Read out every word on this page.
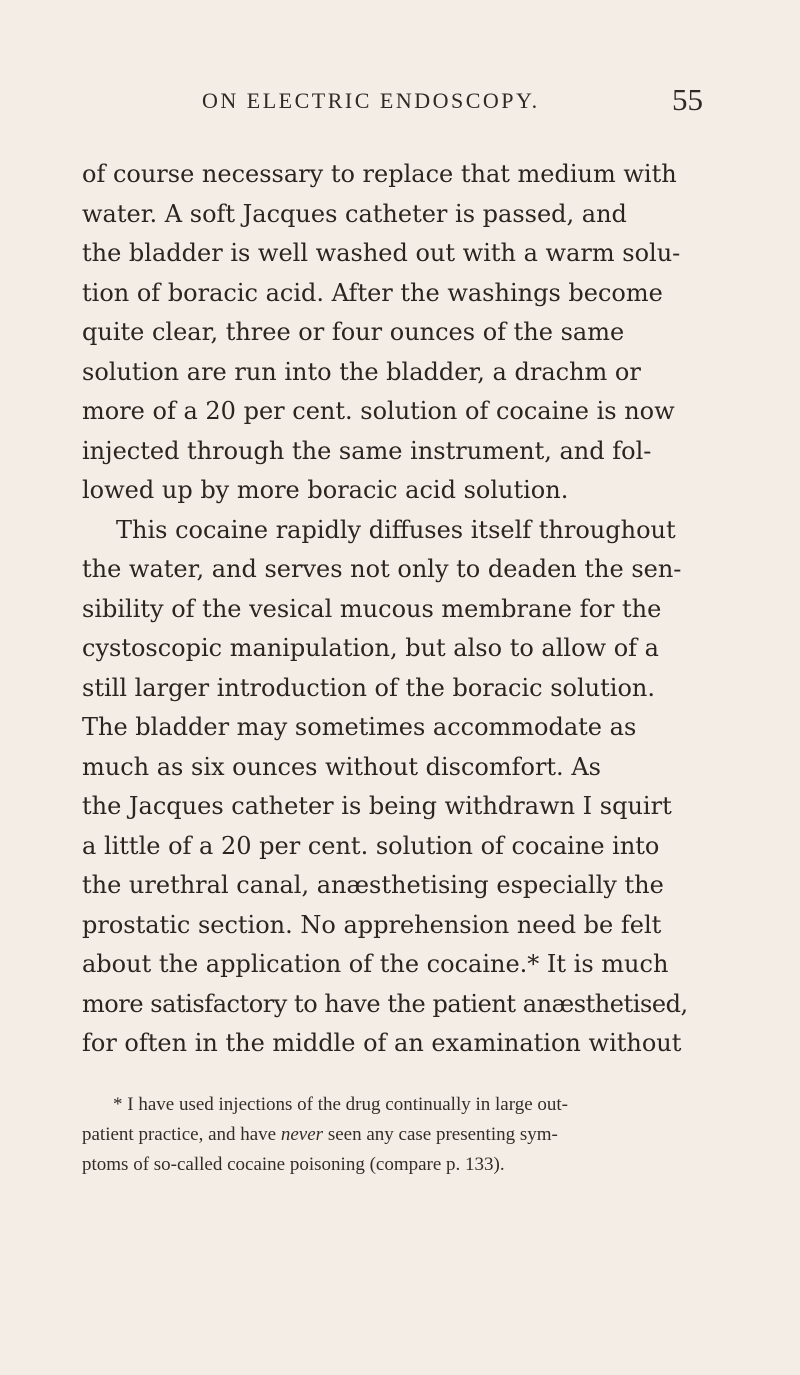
ON ELECTRIC ENDOSCOPY.	55

of course necessary to replace that medium with
water. A soft Jacques catheter is passed, and
the bladder is well washed out with a warm solu-
tion of boracic acid. After the washings become
quite clear, three or four ounces of the same
solution are run into the bladder, a drachm or
more of a 20 per cent. solution of cocaine is now
injected through the same instrument, and fol-
lowed up by more boracic acid solution.
This cocaine rapidly diffuses itself throughout
the water, and serves not only to deaden the sen-
sibility of the vesical mucous membrane for the
cystoscopic manipulation, but also to allow of a
still larger introduction of the boracic solution.
The bladder may sometimes accommodate as
much as six ounces without discomfort. As
the Jacques catheter is being withdrawn I squirt
a little of a 20 per cent. solution of cocaine into
the urethral canal, anæsthetising especially the
prostatic section. No apprehension need be felt
about the application of the cocaine.* It is much
more satisfactory to have the patient anæsthetised,
for often in the middle of an examination without

* I have used injections of the drug continually in large out-
patient practice, and have never seen any case presenting sym-
ptoms of so-called cocaine poisoning (compare p. 133).
